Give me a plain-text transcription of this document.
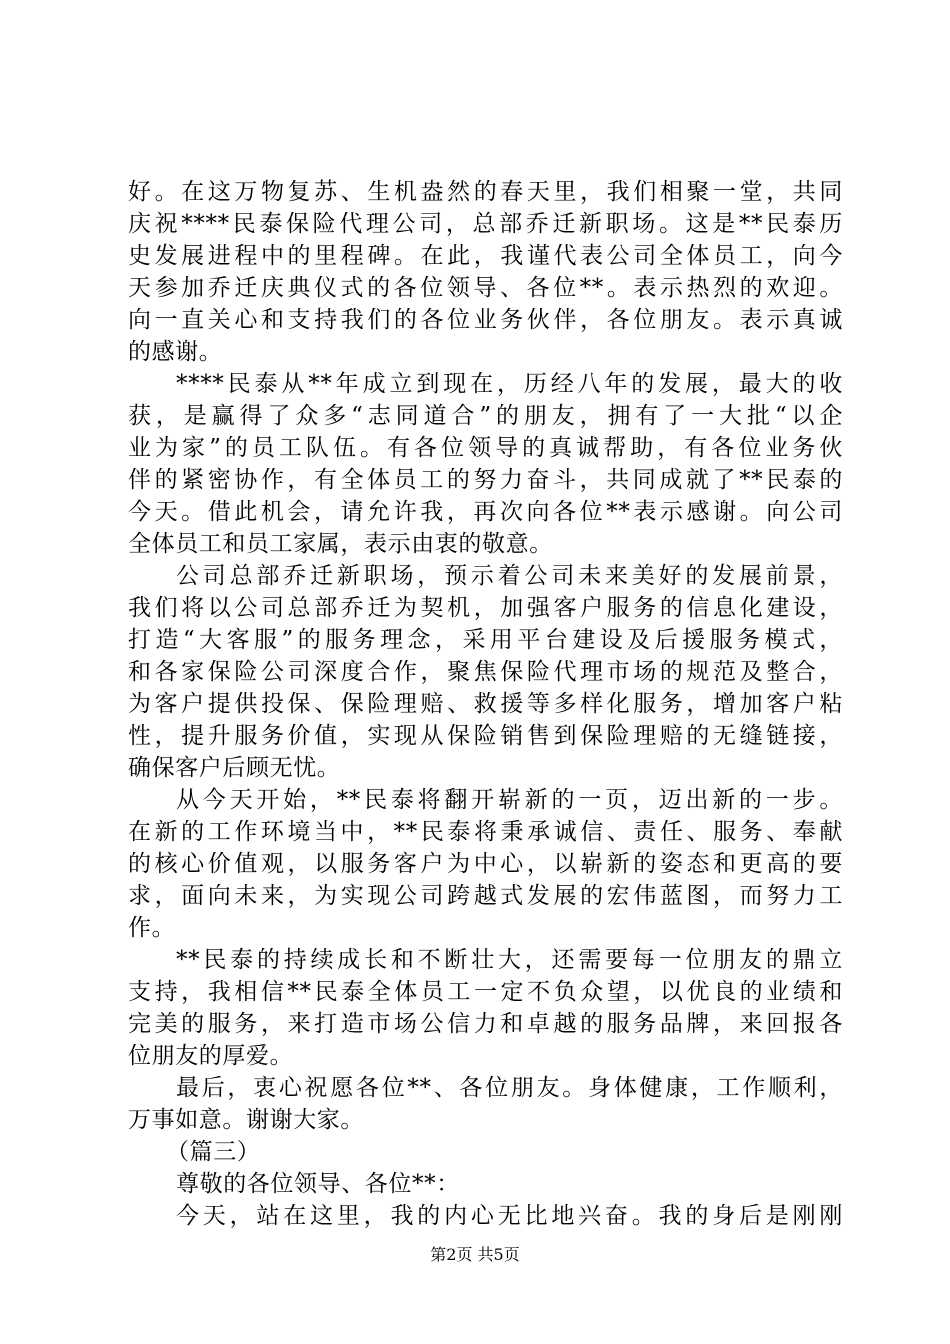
好。在这万物复苏、生机盎然的春天里，我们相聚一堂，共同
庆祝****民泰保险代理公司，总部乔迁新职场。这是**民泰历
史发展进程中的里程碑。在此，我谨代表公司全体员工，向今
天参加乔迁庆典仪式的各位领导、各位**。表示热烈的欢迎。
向一直关心和支持我们的各位业务伙伴，各位朋友。表示真诚
的感谢。
****民泰从**年成立到现在，历经八年的发展，最大的收
获，是赢得了众多“志同道合”的朋友，拥有了一大批“以企
业为家”的员工队伍。有各位领导的真诚帮助，有各位业务伙
伴的紧密协作，有全体员工的努力奋斗，共同成就了**民泰的
今天。借此机会，请允许我，再次向各位**表示感谢。向公司
全体员工和员工家属，表示由衷的敬意。
公司总部乔迁新职场，预示着公司未来美好的发展前景，
我们将以公司总部乔迁为契机，加强客户服务的信息化建设，
打造“大客服”的服务理念，采用平台建设及后援服务模式，
和各家保险公司深度合作，聚焦保险代理市场的规范及整合，
为客户提供投保、保险理赔、救援等多样化服务，增加客户粘
性，提升服务价值，实现从保险销售到保险理赔的无缝链接，
确保客户后顾无忧。
从今天开始，**民泰将翻开崭新的一页，迈出新的一步。
在新的工作环境当中，**民泰将秉承诚信、责任、服务、奉献
的核心价值观，以服务客户为中心，以崭新的姿态和更高的要
求，面向未来，为实现公司跨越式发展的宏伟蓝图，而努力工
作。
**民泰的持续成长和不断壮大，还需要每一位朋友的鼎立
支持，我相信**民泰全体员工一定不负众望，以优良的业绩和
完美的服务，来打造市场公信力和卓越的服务品牌，来回报各
位朋友的厚爱。
最后，衷心祝愿各位**、各位朋友。身体健康，工作顺利，
万事如意。谢谢大家。
（篇三）
尊敬的各位领导、各位**：
今天，站在这里，我的内心无比地兴奋。我的身后是刚刚
第2页 共5页
